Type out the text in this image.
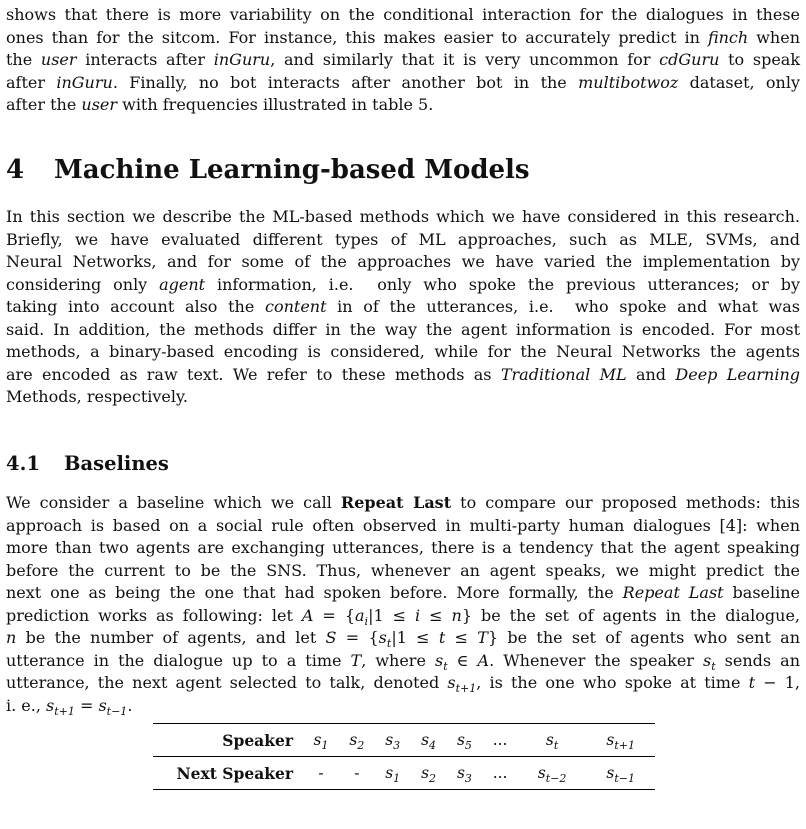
shows that there is more variability on the conditional interaction for the dialogues in these
ones than for the sitcom. For instance, this makes easier to accurately predict in finch when
the user interacts after inGuru, and similarly that it is very uncommon for cdGuru to speak
after inGuru. Finally, no bot interacts after another bot in the multibotwoz dataset, only
after the user with frequencies illustrated in table 5.
4 Machine Learning-based Models
In this section we describe the ML-based methods which we have considered in this research.
Briefly, we have evaluated different types of ML approaches, such as MLE, SVMs, and
Neural Networks, and for some of the approaches we have varied the implementation by
considering only agent information, i.e.  only who spoke the previous utterances; or by
taking into account also the content in of the utterances, i.e.  who spoke and what was
said. In addition, the methods differ in the way the agent information is encoded. For most
methods, a binary-based encoding is considered, while for the Neural Networks the agents
are encoded as raw text. We refer to these methods as Traditional ML and Deep Learning
Methods, respectively.
4.1 Baselines
We consider a baseline which we call Repeat Last to compare our proposed methods: this
approach is based on a social rule often observed in multi-party human dialogues [4]: when
more than two agents are exchanging utterances, there is a tendency that the agent speaking
before the current to be the SNS. Thus, whenever an agent speaks, we might predict the
next one as being the one that had spoken before. More formally, the Repeat Last baseline
prediction works as following: let $A = \{a_i|1 \le i \le n\}$ be the set of agents in the dialogue,
n be the number of agents, and let $S = \{s_t|1 \le t \le T\}$ be the set of agents who sent an
utterance in the dialogue up to a time T, where $s_t$ ∈ A. Whenever the speaker $s_t$ sends an
utterance, the next agent selected to talk, denoted $s_{t+1}$, is the one who spoke at time t − 1,
i. e., $s_{t+1} = s_{t-1}$.
Speaker	$s_1$	$s_2$	$s_3$	$s_4$	$s_5$	...	$s_t$	$s_{t+1}$
Next Speaker	-	-	$s_1$	$s_2$	$s_3$	...	$s_{t-2}$	$s_{t-1}$
